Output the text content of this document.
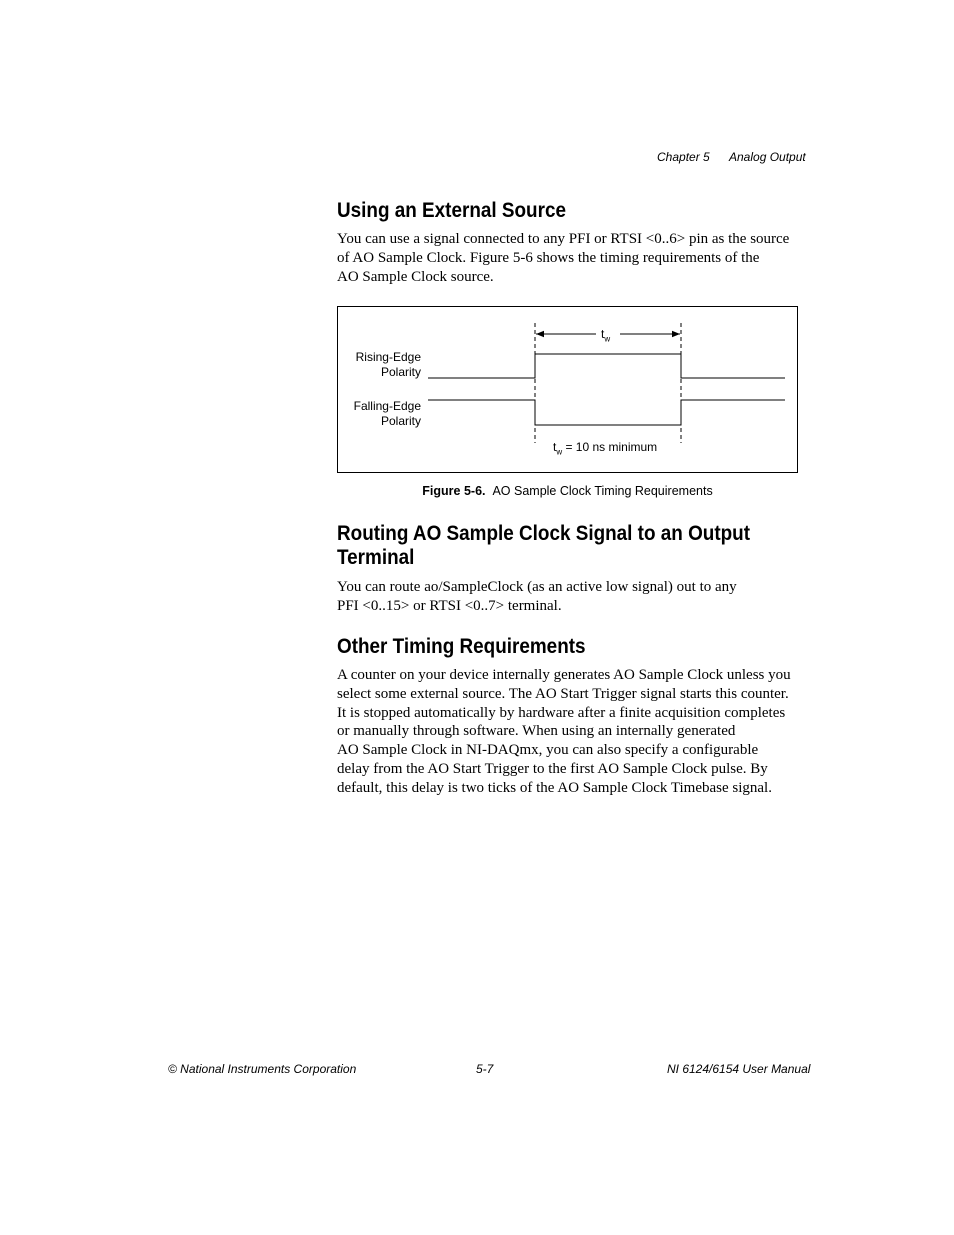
Chapter 5 Analog Output
Using an External Source
You can use a signal connected to any PFI or RTSI <0..6> pin as the source
of AO Sample Clock. Figure 5-6 shows the timing requirements of the
AO Sample Clock source.
Rising-Edge
Polarity
Falling-Edge
Polarity
$t_w$
$t_w = 10$ ns minimum
Figure 5-6. AO Sample Clock Timing Requirements
Routing AO Sample Clock Signal to an Output
Terminal
You can route ao/SampleClock (as an active low signal) out to any
PFI <0..15> or RTSI <0..7> terminal.
Other Timing Requirements
A counter on your device internally generates AO Sample Clock unless you
select some external source. The AO Start Trigger signal starts this counter.
It is stopped automatically by hardware after a finite acquisition completes
or manually through software. When using an internally generated
AO Sample Clock in NI-DAQmx, you can also specify a configurable
delay from the AO Start Trigger to the first AO Sample Clock pulse. By
default, this delay is two ticks of the AO Sample Clock Timebase signal.
© National Instruments Corporation	5-7	NI 6124/6154 User Manual
